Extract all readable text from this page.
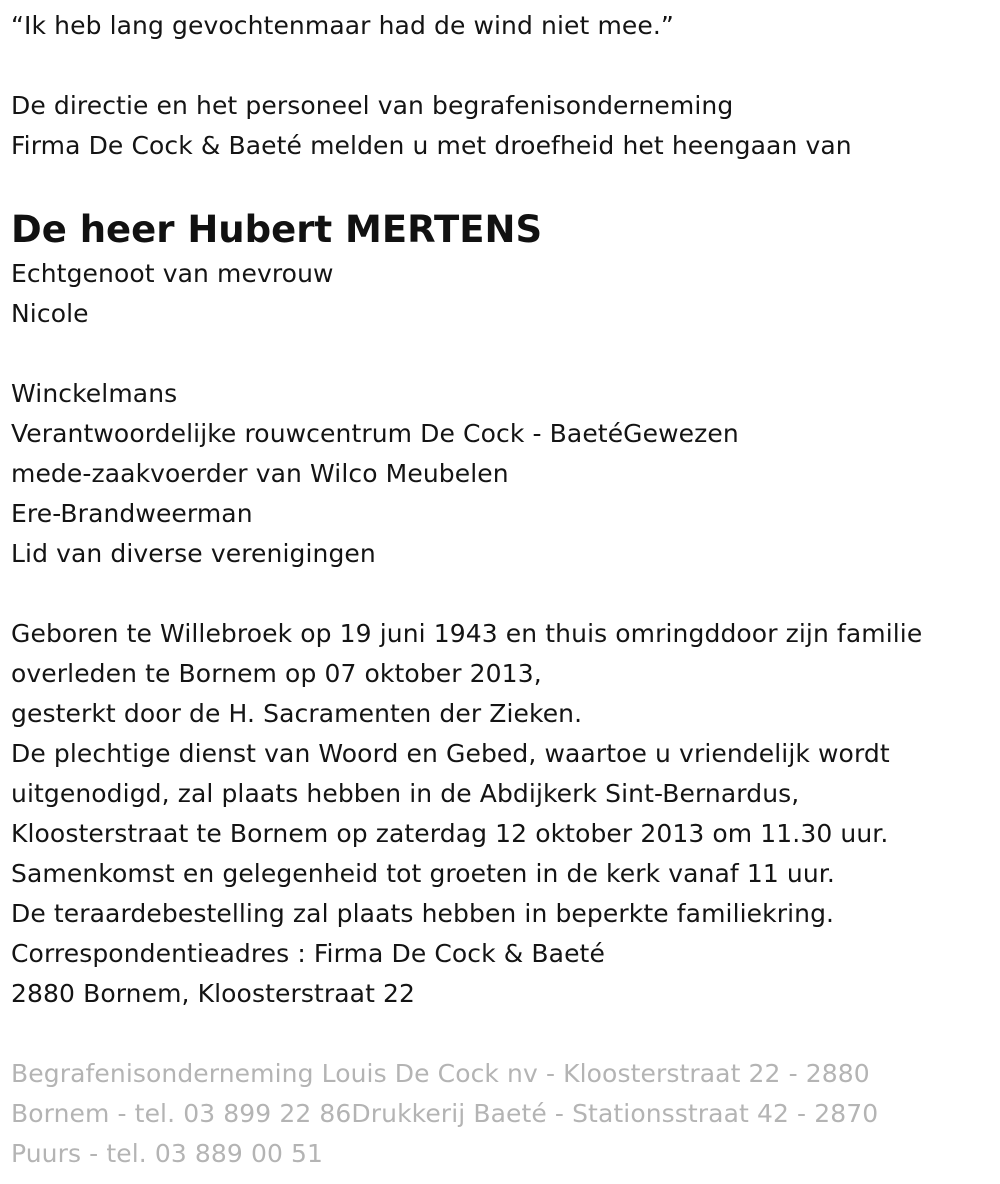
“Ik heb lang gevochtenmaar had de wind niet mee.”
De directie en het personeel van begrafenisonderneming
Firma De Cock & Baeté melden u met droefheid het heengaan van
De heer Hubert MERTENS
Echtgenoot van mevrouw
Nicole
Winckelmans
Verantwoordelijke rouwcentrum De Cock - BaetéGewezen
mede-zaakvoerder van Wilco Meubelen
Ere-Brandweerman
Lid van diverse verenigingen
Geboren te Willebroek op 19 juni 1943 en thuis omringddoor zijn familie
overleden te Bornem op 07 oktober 2013,
gesterkt door de H. Sacramenten der Zieken.
De plechtige dienst van Woord en Gebed, waartoe u vriendelijk wordt
uitgenodigd, zal plaats hebben in de Abdijkerk Sint-Bernardus,
Kloosterstraat te Bornem op zaterdag 12 oktober 2013 om 11.30 uur.
Samenkomst en gelegenheid tot groeten in de kerk vanaf 11 uur.
De teraardebestelling zal plaats hebben in beperkte familiekring.
Correspondentieadres : Firma De Cock & Baeté
2880 Bornem, Kloosterstraat 22
Begrafenisonderneming Louis De Cock nv - Kloosterstraat 22 - 2880
Bornem - tel. 03 899 22 86Drukkerij Baeté - Stationsstraat 42 - 2870
Puurs - tel. 03 889 00 51
